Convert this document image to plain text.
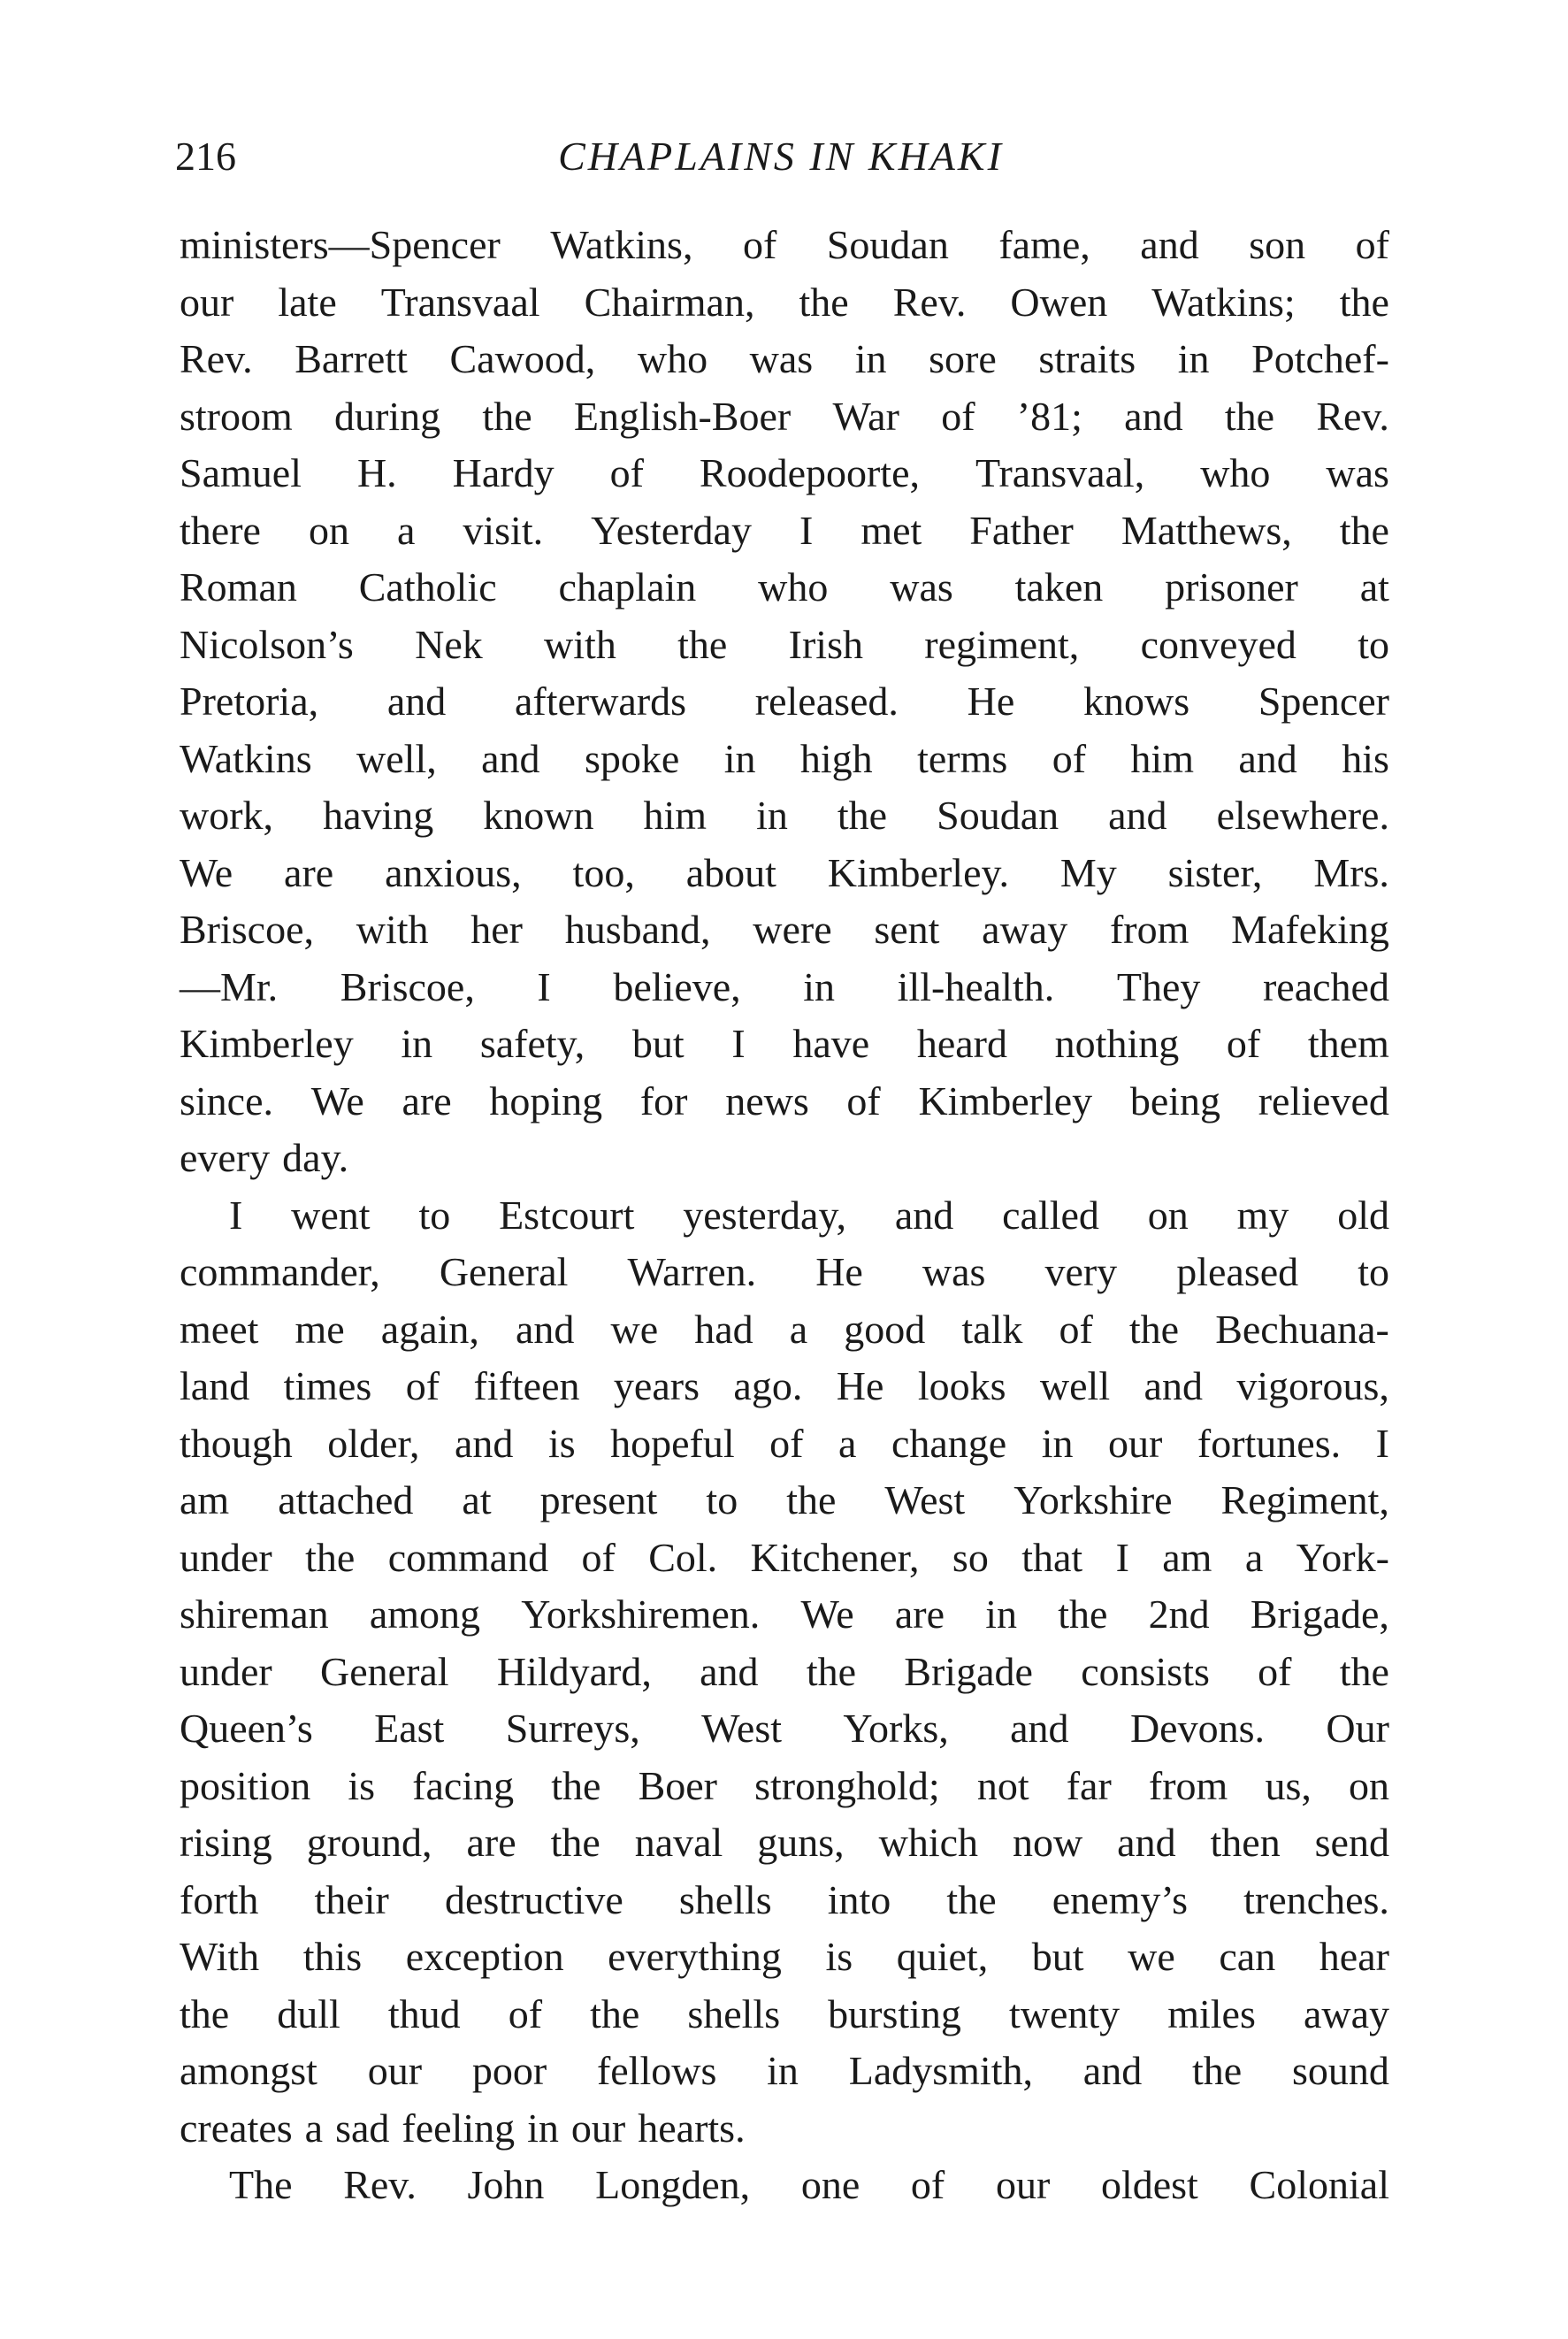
216	CHAPLAINS IN KHAKI
ministers—Spencer Watkins, of Soudan fame, and son of
our late Transvaal Chairman, the Rev. Owen Watkins; the
Rev. Barrett Cawood, who was in sore straits in Potchef-
stroom during the English-Boer War of ’81; and the Rev.
Samuel H. Hardy of Roodepoorte, Transvaal, who was
there on a visit. Yesterday I met Father Matthews, the
Roman Catholic chaplain who was taken prisoner at
Nicolson’s Nek with the Irish regiment, conveyed to
Pretoria, and afterwards released. He knows Spencer
Watkins well, and spoke in high terms of him and his
work, having known him in the Soudan and elsewhere.
We are anxious, too, about Kimberley. My sister, Mrs.
Briscoe, with her husband, were sent away from Mafeking
—Mr. Briscoe, I believe, in ill-health. They reached
Kimberley in safety, but I have heard nothing of them
since. We are hoping for news of Kimberley being relieved
every day.
I went to Estcourt yesterday, and called on my old
commander, General Warren. He was very pleased to
meet me again, and we had a good talk of the Bechuana-
land times of fifteen years ago. He looks well and vigorous,
though older, and is hopeful of a change in our fortunes. I
am attached at present to the West Yorkshire Regiment,
under the command of Col. Kitchener, so that I am a York-
shireman among Yorkshiremen. We are in the 2nd Brigade,
under General Hildyard, and the Brigade consists of the
Queen’s East Surreys, West Yorks, and Devons. Our
position is facing the Boer stronghold; not far from us, on
rising ground, are the naval guns, which now and then send
forth their destructive shells into the enemy’s trenches.
With this exception everything is quiet, but we can hear
the dull thud of the shells bursting twenty miles away
amongst our poor fellows in Ladysmith, and the sound
creates a sad feeling in our hearts.
The Rev. John Longden, one of our oldest Colonial
